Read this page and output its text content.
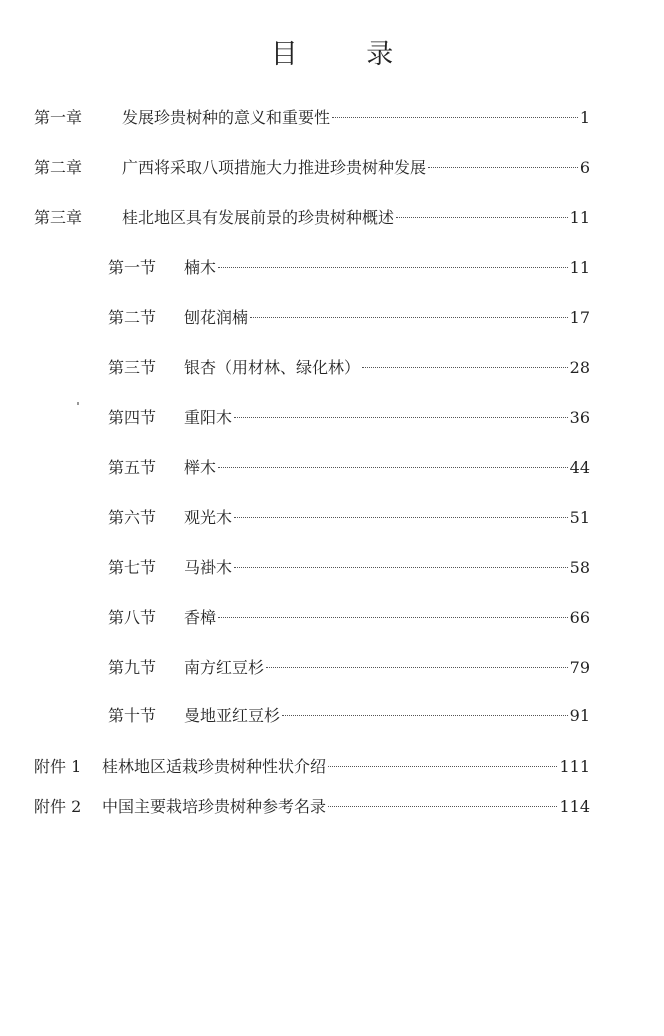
目 录
第一章	发展珍贵树种的意义和重要性	1
第二章	广西将采取八项措施大力推进珍贵树种发展	6
第三章	桂北地区具有发展前景的珍贵树种概述	11
第一节	楠木	11
第二节	刨花润楠	17
第三节	银杏（用材林、绿化林）	28
第四节	重阳木	36
第五节	榉木	44
第六节	观光木	51
第七节	马褂木	58
第八节	香樟	66
第九节	南方红豆杉	79
第十节	曼地亚红豆杉	91
附件 1	桂林地区适栽珍贵树种性状介绍	111
附件 2	中国主要栽培珍贵树种参考名录	114
